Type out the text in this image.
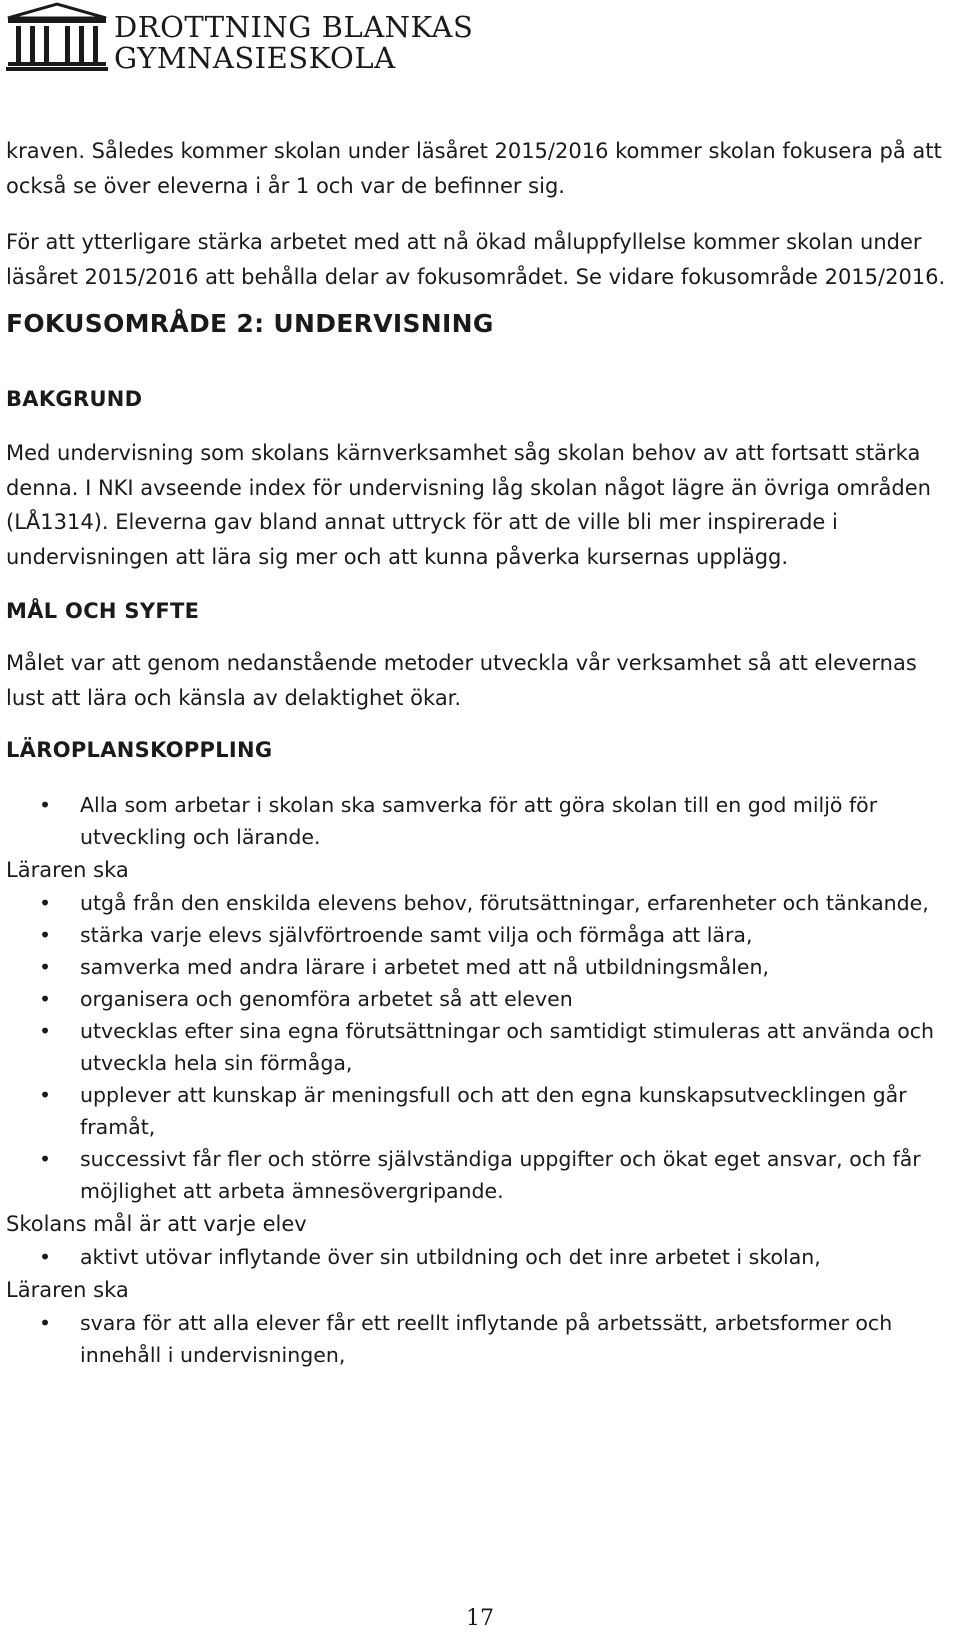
DROTTNING BLANKAS
GYMNASIESKOLA

kraven. Således kommer skolan under läsåret 2015/2016 kommer skolan fokusera på att också se över eleverna i år 1 och var de befinner sig.

För att ytterligare stärka arbetet med att nå ökad måluppfyllelse kommer skolan under läsåret 2015/2016 att behålla delar av fokusområdet. Se vidare fokusområde 2015/2016.

FOKUSOMRÅDE 2: UNDERVISNING
BAKGRUND

Med undervisning som skolans kärnverksamhet såg skolan behov av att fortsatt stärka denna. I NKI avseende index för undervisning låg skolan något lägre än övriga områden (LÅ1314). Eleverna gav bland annat uttryck för att de ville bli mer inspirerade i undervisningen att lära sig mer och att kunna påverka kursernas upplägg.

MÅL OCH SYFTE

Målet var att genom nedanstående metoder utveckla vår verksamhet så att elevernas lust att lära och känsla av delaktighet ökar.

LÄROPLANSKOPPLING
• Alla som arbetar i skolan ska samverka för att göra skolan till en god miljö för utveckling och lärande.

Läraren ska

• utgå från den enskilda elevens behov, förutsättningar, erfarenheter och tänkande,
• stärka varje elevs självförtroende samt vilja och förmåga att lära,
• samverka med andra lärare i arbetet med att nå utbildningsmålen,
• organisera och genomföra arbetet så att eleven
• utvecklas efter sina egna förutsättningar och samtidigt stimuleras att använda och utveckla hela sin förmåga,
• upplever att kunskap är meningsfull och att den egna kunskapsutvecklingen går framåt,
• successivt får fler och större självständiga uppgifter och ökat eget ansvar, och får möjlighet att arbeta ämnesövergripande.

Skolans mål är att varje elev

• aktivt utövar inflytande över sin utbildning och det inre arbetet i skolan,

Läraren ska

• svara för att alla elever får ett reellt inflytande på arbetssätt, arbetsformer och innehåll i undervisningen,
17
